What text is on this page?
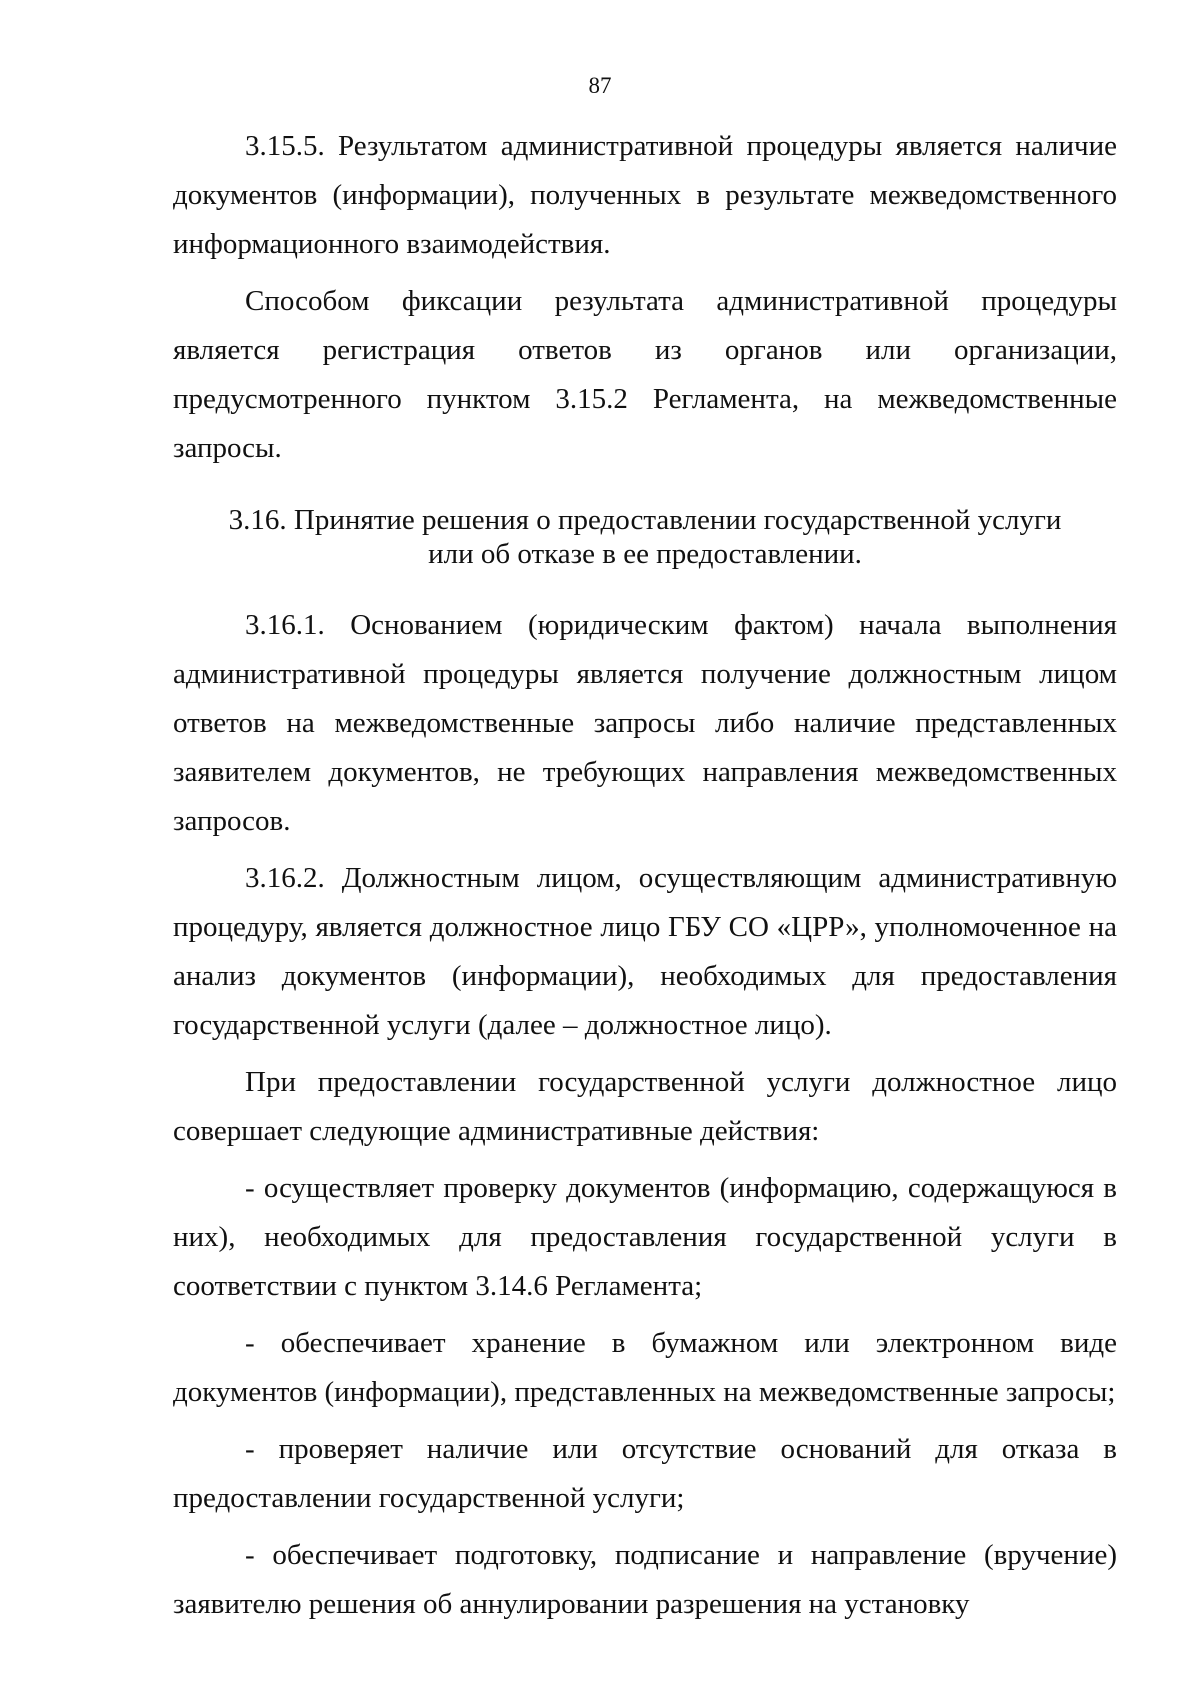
87

3.15.5. Результатом административной процедуры является наличие документов (информации), полученных в результате межведомственного информационного взаимодействия.

Способом фиксации результата административной процедуры является регистрация ответов из органов или организации, предусмотренного пунктом 3.15.2 Регламента, на межведомственные запросы.

3.16. Принятие решения о предоставлении государственной услуги
или об отказе в ее предоставлении.

3.16.1. Основанием (юридическим фактом) начала выполнения административной процедуры является получение должностным лицом ответов на межведомственные запросы либо наличие представленных заявителем документов, не требующих направления межведомственных запросов.

3.16.2. Должностным лицом, осуществляющим административную процедуру, является должностное лицо ГБУ СО «ЦРР», уполномоченное на анализ документов (информации), необходимых для предоставления государственной услуги (далее – должностное лицо).

При предоставлении государственной услуги должностное лицо совершает следующие административные действия:

- осуществляет проверку документов (информацию, содержащуюся в них), необходимых для предоставления государственной услуги в соответствии с пунктом 3.14.6 Регламента;

- обеспечивает хранение в бумажном или электронном виде документов (информации), представленных на межведомственные запросы;

- проверяет наличие или отсутствие оснований для отказа в предоставлении государственной услуги;

- обеспечивает подготовку, подписание и направление (вручение) заявителю решения об аннулировании разрешения на установку
